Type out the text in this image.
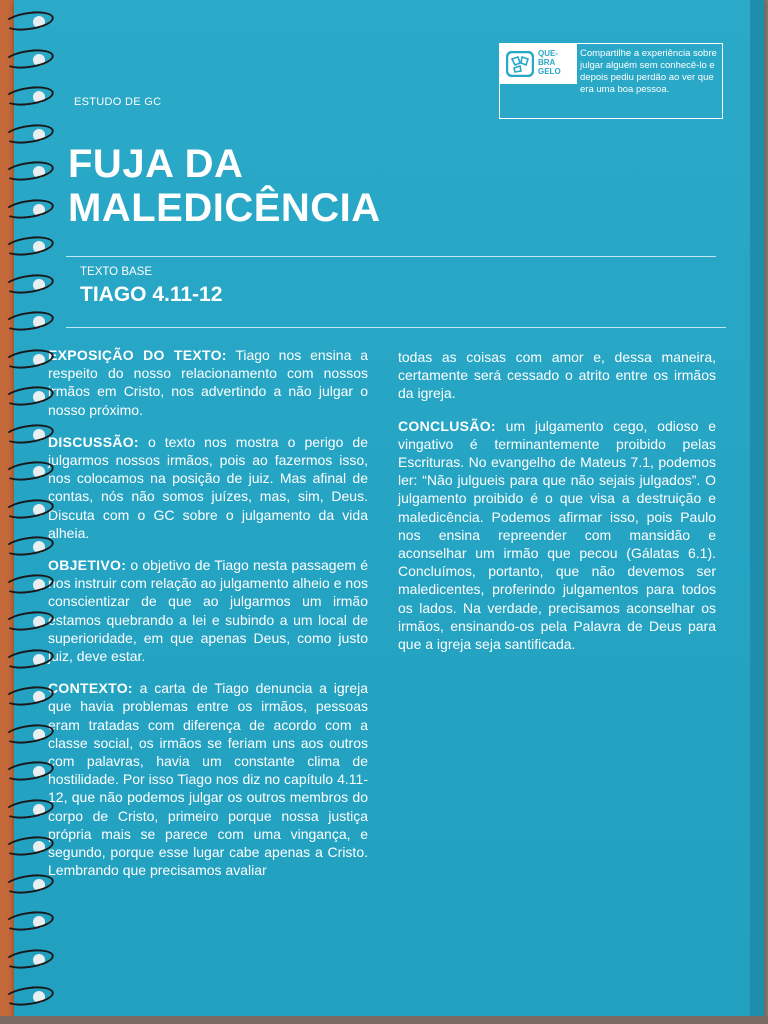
ESTUDO DE GC
QUE-
BRA
GELO
Compartilhe a experiência sobre julgar alguém sem conhecê-lo e depois pediu perdão ao ver que era uma boa pessoa.
FUJA DA
MALEDICÊNCIA
TEXTO BASE
TIAGO 4.11-12

EXPOSIÇÃO DO TEXTO: Tiago nos ensina a respeito do nosso relacionamento com nossos irmãos em Cristo, nos advertindo a não julgar o nosso próximo.

DISCUSSÃO: o texto nos mostra o perigo de julgarmos nossos irmãos, pois ao fazermos isso, nos colocamos na posição de juiz. Mas afinal de contas, nós não somos juízes, mas, sim, Deus. Discuta com o GC sobre o julgamento da vida alheia.

OBJETIVO: o objetivo de Tiago nesta passagem é nos instruir com relação ao julgamento alheio e nos conscientizar de que ao julgarmos um irmão estamos quebrando a lei e subindo a um local de superioridade, em que apenas Deus, como justo juiz, deve estar.

CONTEXTO: a carta de Tiago denuncia a igreja que havia problemas entre os irmãos, pessoas eram tratadas com diferença de acordo com a classe social, os irmãos se feriam uns aos outros com palavras, havia um constante clima de hostilidade. Por isso Tiago nos diz no capítulo 4.11-12, que não podemos julgar os outros membros do corpo de Cristo, primeiro porque nossa justiça própria mais se parece com uma vingança, e segundo, porque esse lugar cabe apenas a Cristo. Lembrando que precisamos avaliar

todas as coisas com amor e, dessa maneira, certamente será cessado o atrito entre os irmãos da igreja.

CONCLUSÃO: um julgamento cego, odioso e vingativo é terminantemente proibido pelas Escrituras. No evangelho de Mateus 7.1, podemos ler: “Não julgueis para que não sejais julgados”. O julgamento proibido é o que visa a destruição e maledicência. Podemos afirmar isso, pois Paulo nos ensina repreender com mansidão e aconselhar um irmão que pecou (Gálatas 6.1). Concluímos, portanto, que não devemos ser maledicentes, proferindo julgamentos para todos os lados. Na verdade, precisamos aconselhar os irmãos, ensinando-os pela Palavra de Deus para que a igreja seja santificada.
